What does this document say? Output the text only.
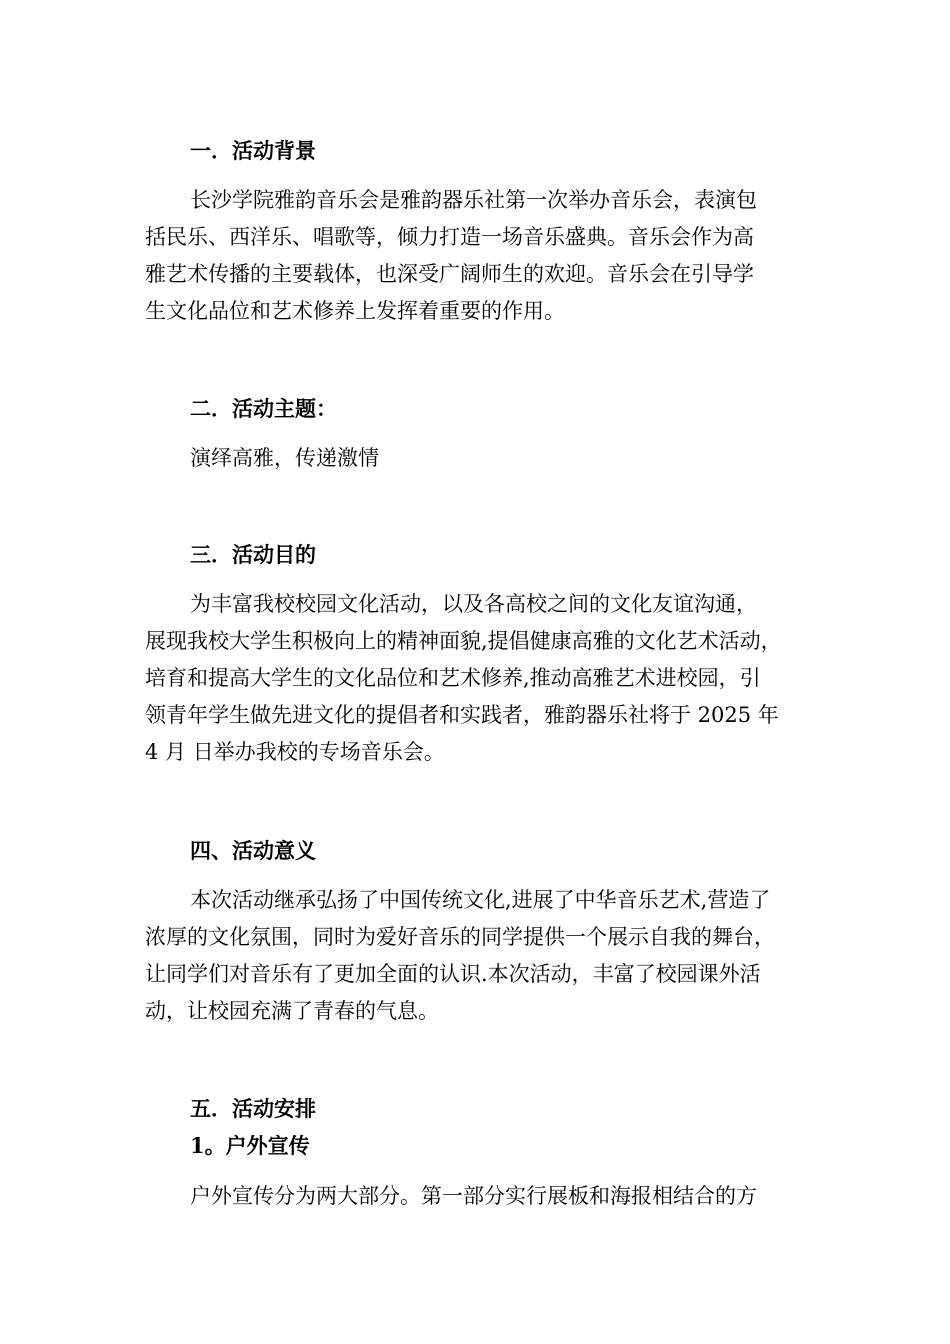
一．活动背景
长沙学院雅韵音乐会是雅韵器乐社第一次举办音乐会，表演包
括民乐、西洋乐、唱歌等，倾力打造一场音乐盛典。音乐会作为高
雅艺术传播的主要载体，也深受广阔师生的欢迎。音乐会在引导学
生文化品位和艺术修养上发挥着重要的作用。
二．活动主题：
演绎高雅，传递激情
三．活动目的
为丰富我校校园文化活动，以及各高校之间的文化友谊沟通，
展现我校大学生积极向上的精神面貌,提倡健康高雅的文化艺术活动，
培育和提高大学生的文化品位和艺术修养,推动高雅艺术进校园，引
领青年学生做先进文化的提倡者和实践者，雅韵器乐社将于 2025 年
4 月 日举办我校的专场音乐会。
四、活动意义
本次活动继承弘扬了中国传统文化,进展了中华音乐艺术,营造了
浓厚的文化氛围，同时为爱好音乐的同学提供一个展示自我的舞台，
让同学们对音乐有了更加全面的认识.本次活动，丰富了校园课外活
动，让校园充满了青春的气息。
五．活动安排
1。户外宣传
户外宣传分为两大部分。第一部分实行展板和海报相结合的方
